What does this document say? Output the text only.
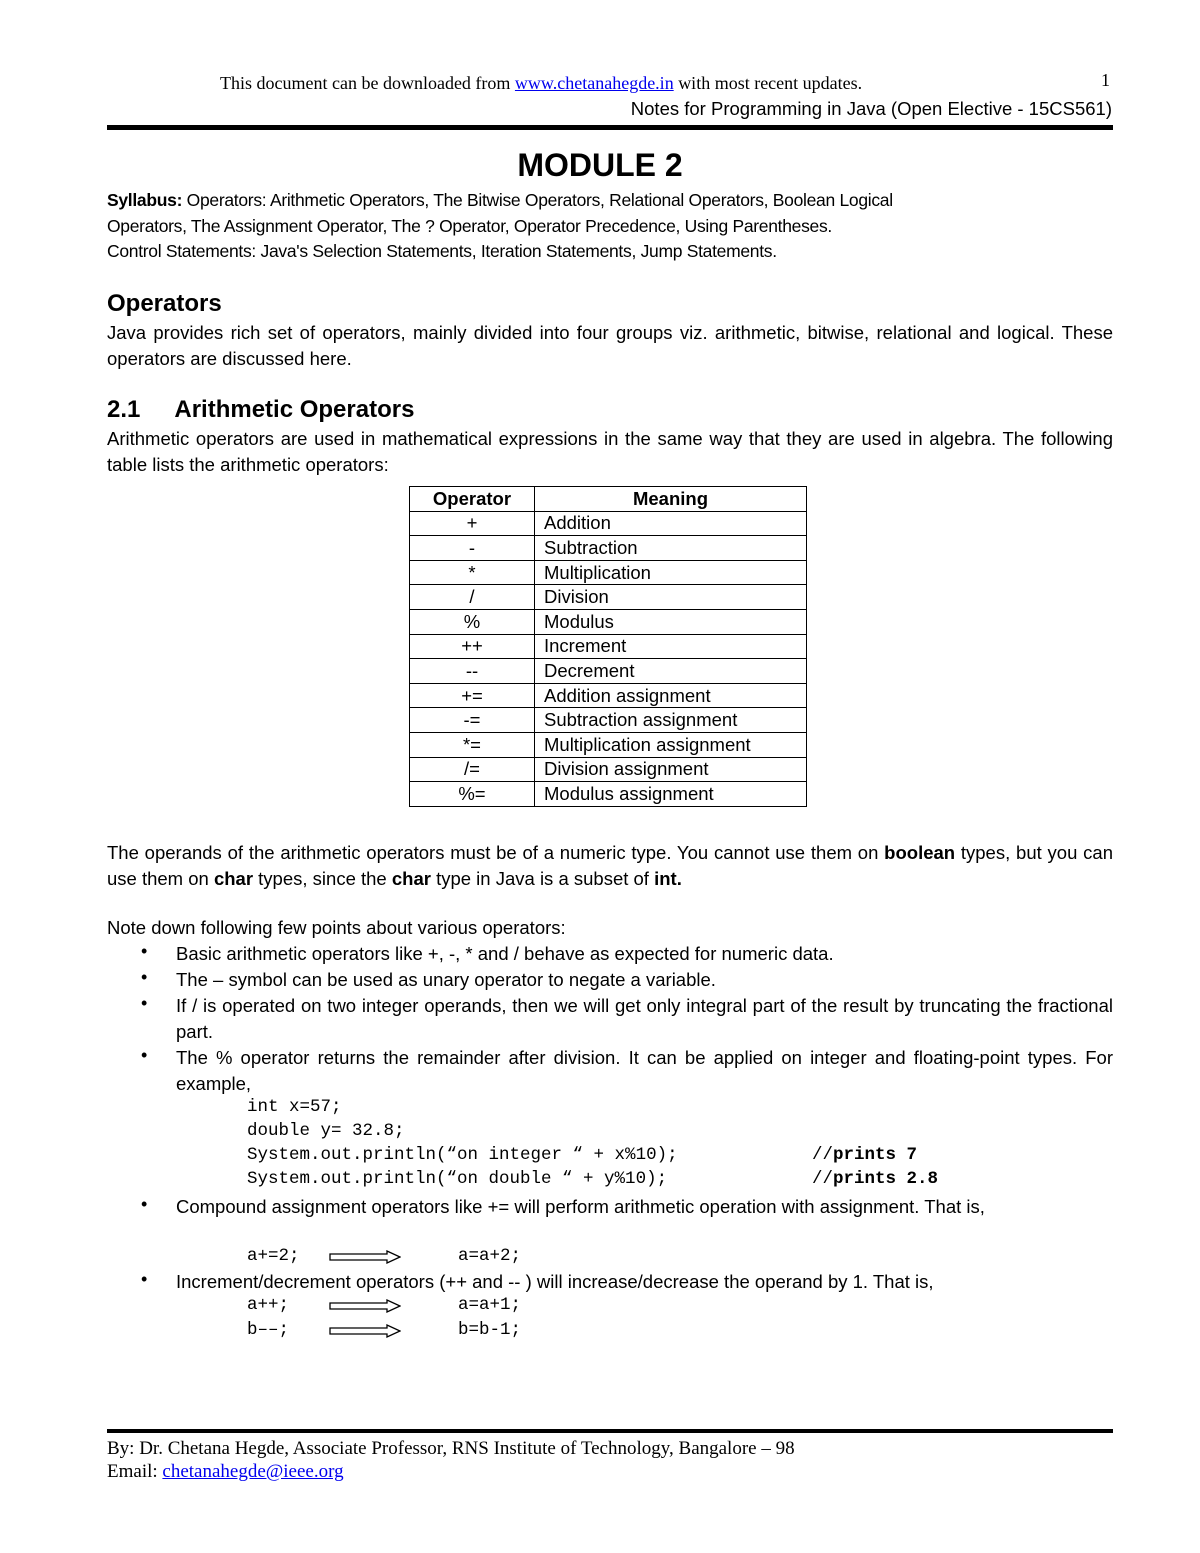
This document can be downloaded from www.chetanahegde.in with most recent updates.	1
Notes for Programming in Java (Open Elective - 15CS561)
MODULE 2
Syllabus: Operators: Arithmetic Operators, The Bitwise Operators, Relational Operators, Boolean Logical
Operators, The Assignment Operator, The ? Operator, Operator Precedence, Using Parentheses.
Control Statements: Java's Selection Statements, Iteration Statements, Jump Statements.
Operators
Java provides rich set of operators, mainly divided into four groups viz. arithmetic, bitwise, relational and logical. These operators are discussed here.
2.1 Arithmetic Operators
Arithmetic operators are used in mathematical expressions in the same way that they are used in algebra. The following table lists the arithmetic operators:
Operator	Meaning
+	Addition
-	Subtraction
*	Multiplication
/	Division
%	Modulus
++	Increment
--	Decrement
+=	Addition assignment
-=	Subtraction assignment
*=	Multiplication assignment
/=	Division assignment
%=	Modulus assignment
The operands of the arithmetic operators must be of a numeric type. You cannot use them on boolean types, but you can use them on char types, since the char type in Java is a subset of int.
Note down following few points about various operators:
• Basic arithmetic operators like +, -, * and / behave as expected for numeric data.
• The – symbol can be used as unary operator to negate a variable.
• If / is operated on two integer operands, then we will get only integral part of the result by truncating the fractional part.
• The % operator returns the remainder after division. It can be applied on integer and floating-point types. For example,
int x=57;
double y= 32.8;
System.out.println(“on integer “ + x%10);	//prints 7
System.out.println(“on double “ + y%10);	//prints 2.8
• Compound assignment operators like += will perform arithmetic operation with assignment. That is,
a+=2;	a=a+2;
• Increment/decrement operators (++ and -- ) will increase/decrease the operand by 1. That is,
a++;	a=a+1;
b––;	b=b-1;
By: Dr. Chetana Hegde, Associate Professor, RNS Institute of Technology, Bangalore – 98
Email: chetanahegde@ieee.org
